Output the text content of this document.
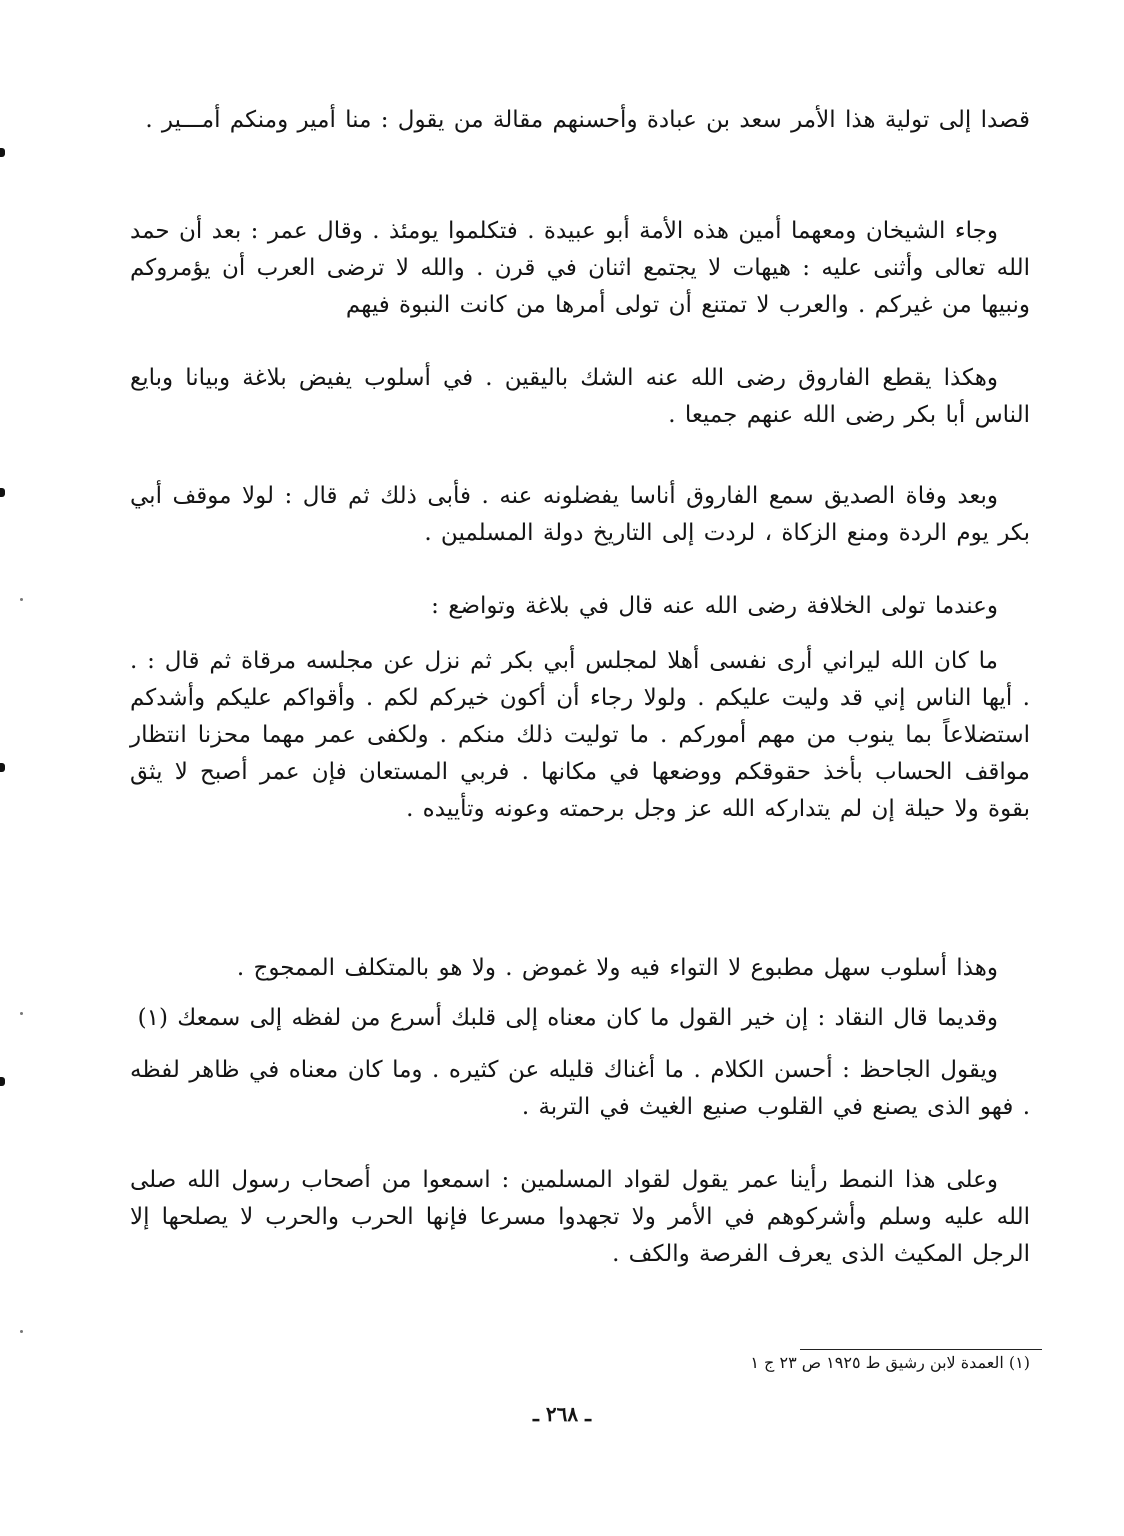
قصدا إلى تولية هذا الأمر سعد بن عبادة وأحسنهم مقالة من يقول : منا أمير ومنكم أمـــير .

وجاء الشيخان ومعهما أمين هذه الأمة أبو عبيدة . فتكلموا يومئذ . وقال عمر : بعد أن حمد الله تعالى وأثنى عليه : هيهات لا يجتمع اثنان في قرن . والله لا ترضى العرب أن يؤمروكم ونبيها من غيركم . والعرب لا تمتنع أن تولى أمرها من كانت النبوة فيهم

وهكذا يقطع الفاروق رضى الله عنه الشك باليقين . في أسلوب يفيض بلاغة وبيانا وبايع الناس أبا بكر رضى الله عنهم جميعا .

وبعد وفاة الصديق سمع الفاروق أناسا يفضلونه عنه . فأبى ذلك ثم قال : لولا موقف أبي بكر يوم الردة ومنع الزكاة ، لردت إلى التاريخ دولة المسلمين .

وعندما تولى الخلافة رضى الله عنه قال في بلاغة وتواضع :

ما كان الله ليراني أرى نفسى أهلا لمجلس أبي بكر ثم نزل عن مجلسه مرقاة ثم قال : . . أيها الناس إني قد وليت عليكم . ولولا رجاء أن أكون خيركم لكم . وأقواكم عليكم وأشدكم استضلاعاً بما ينوب من مهم أموركم . ما توليت ذلك منكم . ولكفى عمر مهما محزنا انتظار مواقف الحساب بأخذ حقوقكم ووضعها في مكانها . فربي المستعان فإن عمر أصبح لا يثق بقوة ولا حيلة إن لم يتداركه الله عز وجل برحمته وعونه وتأييده .

وهذا أسلوب سهل مطبوع لا التواء فيه ولا غموض . ولا هو بالمتكلف الممجوج .

وقديما قال النقاد : إن خير القول ما كان معناه إلى قلبك أسرع من لفظه إلى سمعك (١)

ويقول الجاحظ : أحسن الكلام . ما أغناك قليله عن كثيره . وما كان معناه في ظاهر لفظه . فهو الذى يصنع في القلوب صنيع الغيث في التربة .

وعلى هذا النمط رأينا عمر يقول لقواد المسلمين : اسمعوا من أصحاب رسول الله صلى الله عليه وسلم وأشركوهم في الأمر ولا تجهدوا مسرعا فإنها الحرب والحرب لا يصلحها إلا الرجل المكيث الذى يعرف الفرصة والكف .

(١) العمدة لابن رشيق ط ١٩٢٥ ص ٢٣ ج ١
ـ ٢٦٨ ـ
